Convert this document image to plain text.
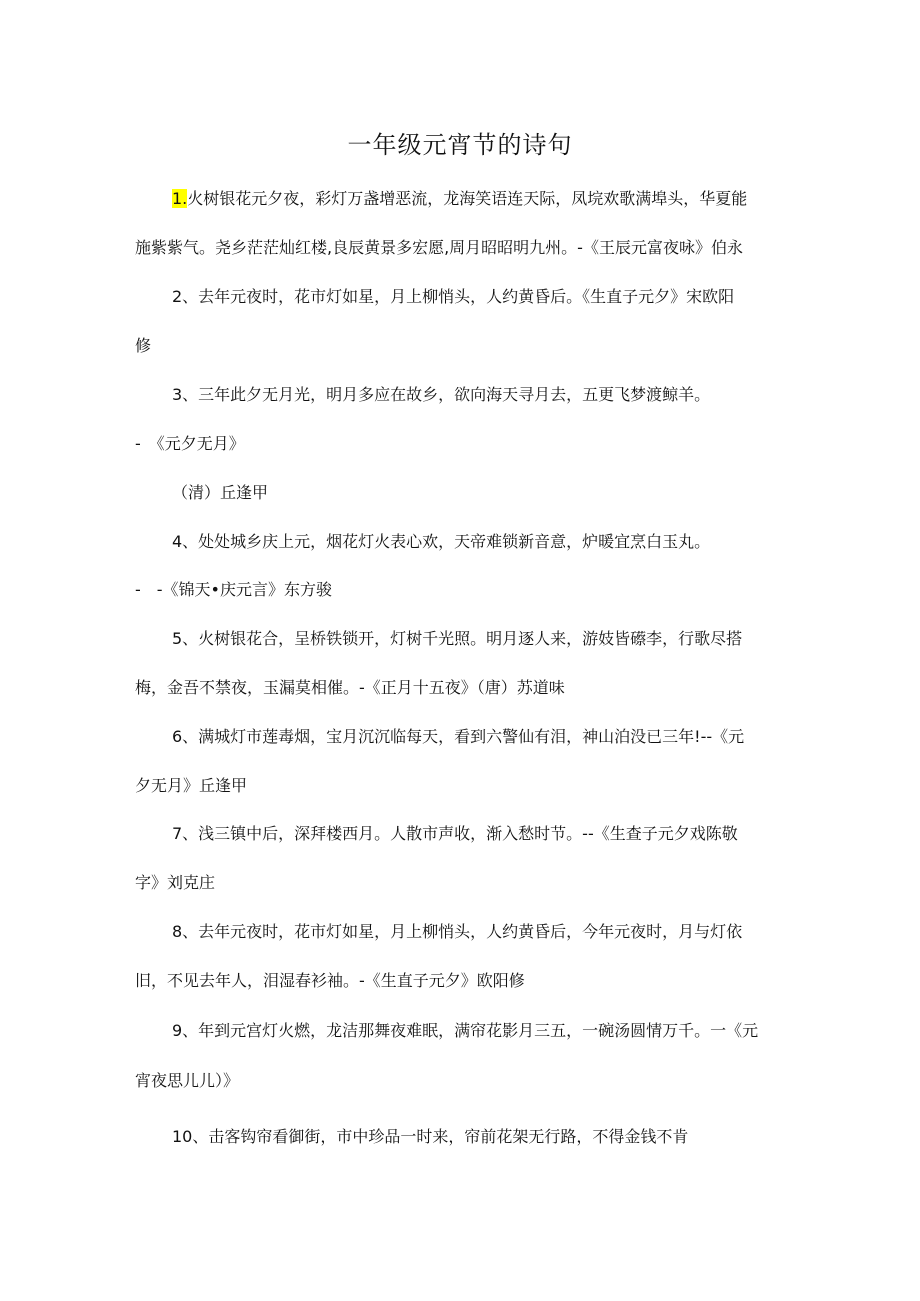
一年级元宵节的诗句
1.火树银花元夕夜，彩灯万盏增恶流，龙海笑语连天际，凤垸欢歌满埠头，华夏能
施紫紫气。尧乡茫茫灿红楼,良辰黄景多宏愿,周月昭昭明九州。-《王辰元富夜咏》伯永
2、去年元夜时，花市灯如星，月上柳悄头，人约黄昏后。《生直子元夕》宋欧阳
修
3、三年此夕无月光，明月多应在故乡，欲向海天寻月去，五更飞梦渡鲸羊。
-　《元夕无月》
（清）丘逢甲
4、处处城乡庆上元，烟花灯火表心欢，天帝难锁新音意，炉暖宜烹白玉丸。
-　-《锦天•庆元言》东方骏
5、火树银花合，呈桥铁锁开，灯树千光照。明月逐人来，游妓皆礤李，行歌尽搭
梅，金吾不禁夜，玉漏莫相催。-《正月十五夜》（唐）苏道味
6、满城灯市莲毒烟，宝月沉沉临每天，看到六警仙有泪，神山泊没已三年!--《元
夕无月》丘逢甲
7、浅三镇中后，深拜楼西月。人散市声收，渐入愁时节。--《生查子元夕戏陈敬
字》刘克庄
8、去年元夜时，花市灯如星，月上柳悄头，人约黄昏后，今年元夜时，月与灯依
旧，不见去年人，泪湿春衫袖。-《生直子元夕》欧阳修
9、年到元宫灯火燃，龙洁那舞夜难眠，满帘花影月三五，一碗汤圆情万千。一《元
宵夜思儿儿）》
10、击客钩帘看御街，市中珍品一时来，帘前花架无行路，不得金钱不肯
